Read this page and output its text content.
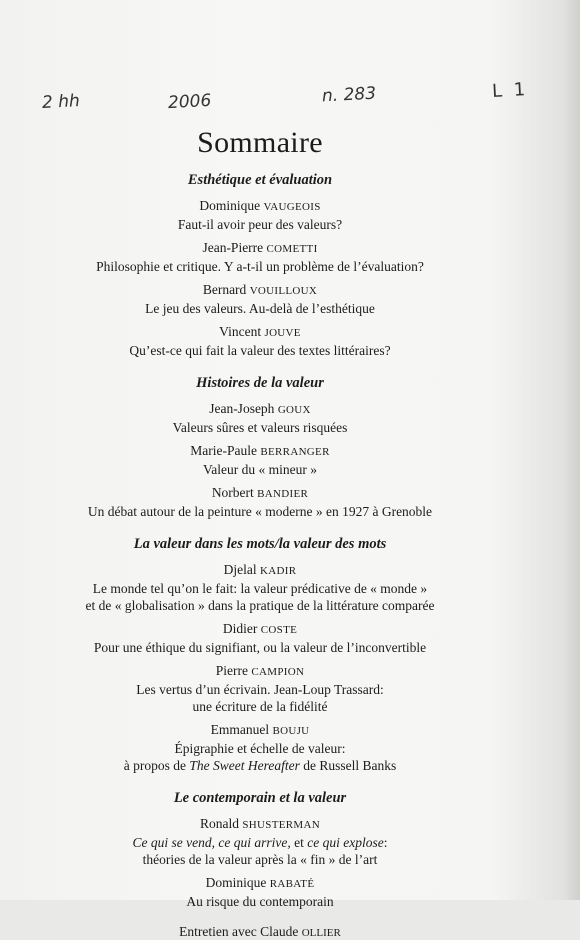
2 hh	2006	n. 283	L 1
Sommaire
Esthétique et évaluation
Dominique VAUGEOIS
Faut-il avoir peur des valeurs?
Jean-Pierre COMETTI
Philosophie et critique. Y a-t-il un problème de l’évaluation?
Bernard VOUILLOUX
Le jeu des valeurs. Au-delà de l’esthétique
Vincent JOUVE
Qu’est-ce qui fait la valeur des textes littéraires?
Histoires de la valeur
Jean-Joseph GOUX
Valeurs sûres et valeurs risquées
Marie-Paule BERRANGER
Valeur du « mineur »
Norbert BANDIER
Un débat autour de la peinture « moderne » en 1927 à Grenoble
La valeur dans les mots/la valeur des mots
Djelal KADIR
Le monde tel qu’on le fait: la valeur prédicative de « monde »
et de « globalisation » dans la pratique de la littérature comparée
Didier COSTE
Pour une éthique du signifiant, ou la valeur de l’inconvertible
Pierre CAMPION
Les vertus d’un écrivain. Jean-Loup Trassard:
une écriture de la fidélité
Emmanuel BOUJU
Épigraphie et échelle de valeur:
à propos de The Sweet Hereafter de Russell Banks
Le contemporain et la valeur
Ronald SHUSTERMAN
Ce qui se vend, ce qui arrive, et ce qui explose:
théories de la valeur après la « fin » de l’art
Dominique RABATÉ
Au risque du contemporain
Entretien avec Claude OLLIER
